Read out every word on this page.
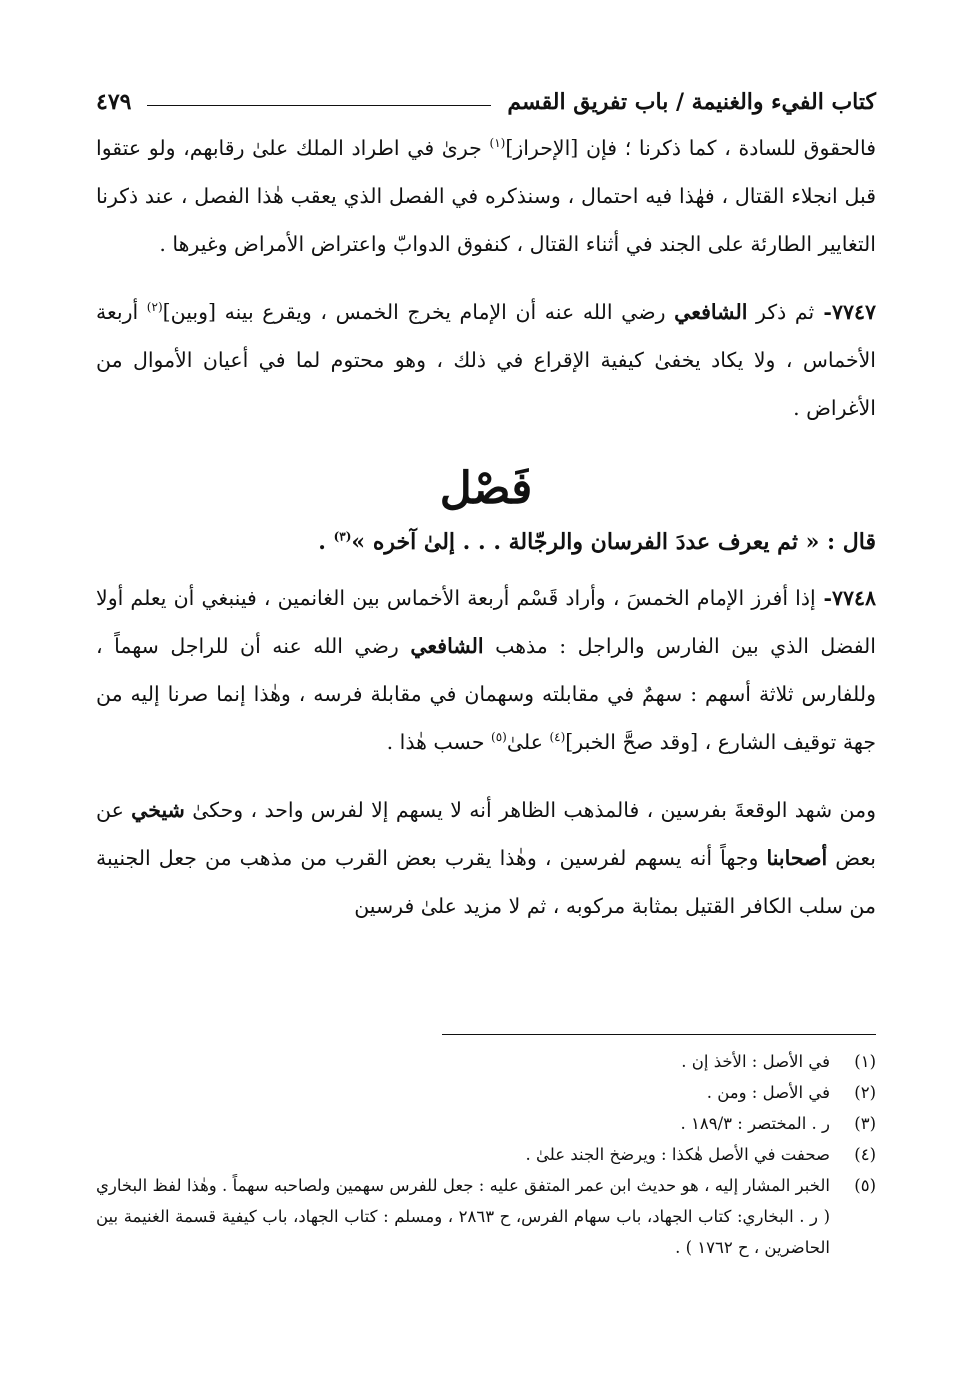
كتاب الفيء والغنيمة / باب تفريق القسم
٤٧٩

فالحقوق للسادة ، كما ذكرنا ؛ فإن [الإحراز]$^{(١)}$ جرىٰ في اطراد الملك علىٰ رقابهم، ولو عتقوا قبل انجلاء القتال ، فهٰذا فيه احتمال ، وسنذكره في الفصل الذي يعقب هٰذا الفصل ، عند ذكرنا التغايير الطارئة على الجند في أثناء القتال ، كنفوق الدوابّ واعتراض الأمراض وغيرها .

٧٧٤٧- ثم ذكر الشافعي رضي الله عنه أن الإمام يخرج الخمس ، ويقرع بينه [وبين]$^{(٢)}$ أربعة الأخماس ، ولا يكاد يخفىٰ كيفية الإقراع في ذلك ، وهو محتوم لما في أعيان الأموال من الأغراض .

فَصْل

قال : « ثم يعرف عددَ الفرسان والرجّالة . . . إلىٰ آخره »$^{(٣)}$ .

٧٧٤٨- إذا أفرز الإمام الخمسَ ، وأراد قَسْم أربعة الأخماس بين الغانمين ، فينبغي أن يعلم أولا الفضل الذي بين الفارس والراجل : مذهب الشافعي رضي الله عنه أن للراجل سهماً ، وللفارس ثلاثة أسهم : سهمٌ في مقابلته وسهمان في مقابلة فرسه ، وهٰذا إنما صرنا إليه من جهة توقيف الشارع ، [وقد صحَّ الخبر]$^{(٤)}$ علىٰ$^{(٥)}$ حسب هٰذا .

ومن شهد الوقعةَ بفرسين ، فالمذهب الظاهر أنه لا يسهم إلا لفرس واحد ، وحكىٰ شيخي عن بعض أصحابنا وجهاً أنه يسهم لفرسين ، وهٰذا يقرب بعض القرب من مذهب من جعل الجنيبة من سلب الكافر القتيل بمثابة مركوبه ، ثم لا مزيد علىٰ فرسين

(١)
في الأصل : الأخذ إن .
(٢)
في الأصل : ومن .
(٣)
ر . المختصر : ١٨٩/٣ .
(٤)
صحفت في الأصل هٰكذا : ويرضخ الجند علىٰ .
(٥)
الخبر المشار إليه ، هو حديث ابن عمر المتفق عليه : جعل للفرس سهمين ولصاحبه سهماً . وهٰذا لفظ البخاري ( ر . البخاري: كتاب الجهاد، باب سهام الفرس، ح ٢٨٦٣ ، ومسلم : كتاب الجهاد، باب كيفية قسمة الغنيمة بين الحاضرين ، ح ١٧٦٢ ) .
